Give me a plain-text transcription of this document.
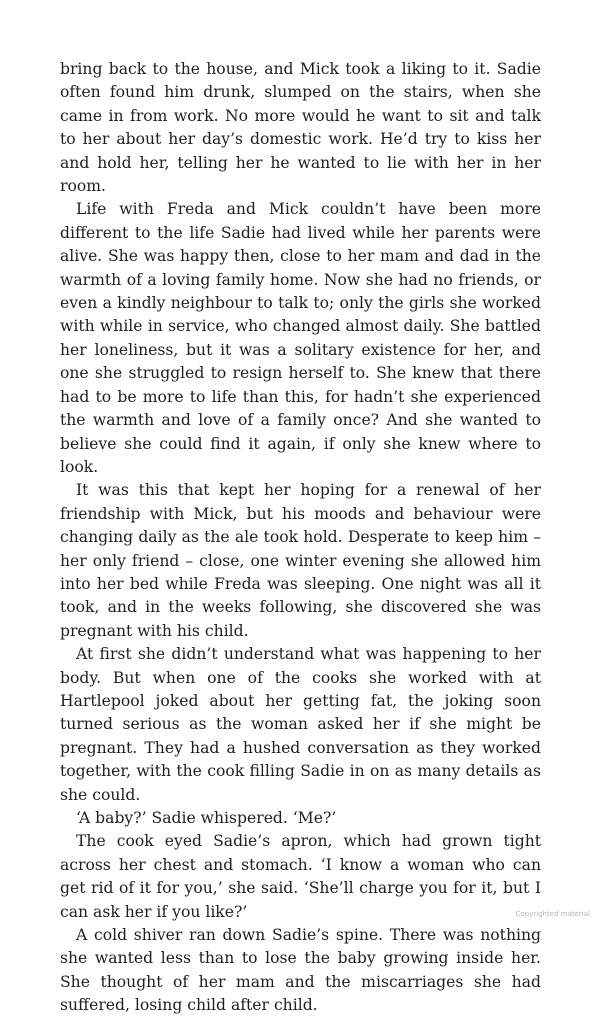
bring back to the house, and Mick took a liking to it. Sadie often found him drunk, slumped on the stairs, when she came in from work. No more would he want to sit and talk to her about her day’s domestic work. He’d try to kiss her and hold her, telling her he wanted to lie with her in her room.

Life with Freda and Mick couldn’t have been more different to the life Sadie had lived while her parents were alive. She was happy then, close to her mam and dad in the warmth of a loving family home. Now she had no friends, or even a kindly neighbour to talk to; only the girls she worked with while in service, who changed almost daily. She battled her loneliness, but it was a solitary existence for her, and one she struggled to resign herself to. She knew that there had to be more to life than this, for hadn’t she experienced the warmth and love of a family once? And she wanted to believe she could find it again, if only she knew where to look.

It was this that kept her hoping for a renewal of her friendship with Mick, but his moods and behaviour were changing daily as the ale took hold. Desperate to keep him – her only friend – close, one winter evening she allowed him into her bed while Freda was sleeping. One night was all it took, and in the weeks following, she discovered she was pregnant with his child.

At first she didn’t understand what was happening to her body. But when one of the cooks she worked with at Hartlepool joked about her getting fat, the joking soon turned serious as the woman asked her if she might be pregnant. They had a hushed conversation as they worked together, with the cook filling Sadie in on as many details as she could.

‘A baby?’ Sadie whispered. ‘Me?’

The cook eyed Sadie’s apron, which had grown tight across her chest and stomach. ‘I know a woman who can get rid of it for you,’ she said. ‘She’ll charge you for it, but I can ask her if you like?’

A cold shiver ran down Sadie’s spine. There was nothing she wanted less than to lose the baby growing inside her. She thought of her mam and the miscarriages she had suffered, losing child after child.

Copyrighted material
